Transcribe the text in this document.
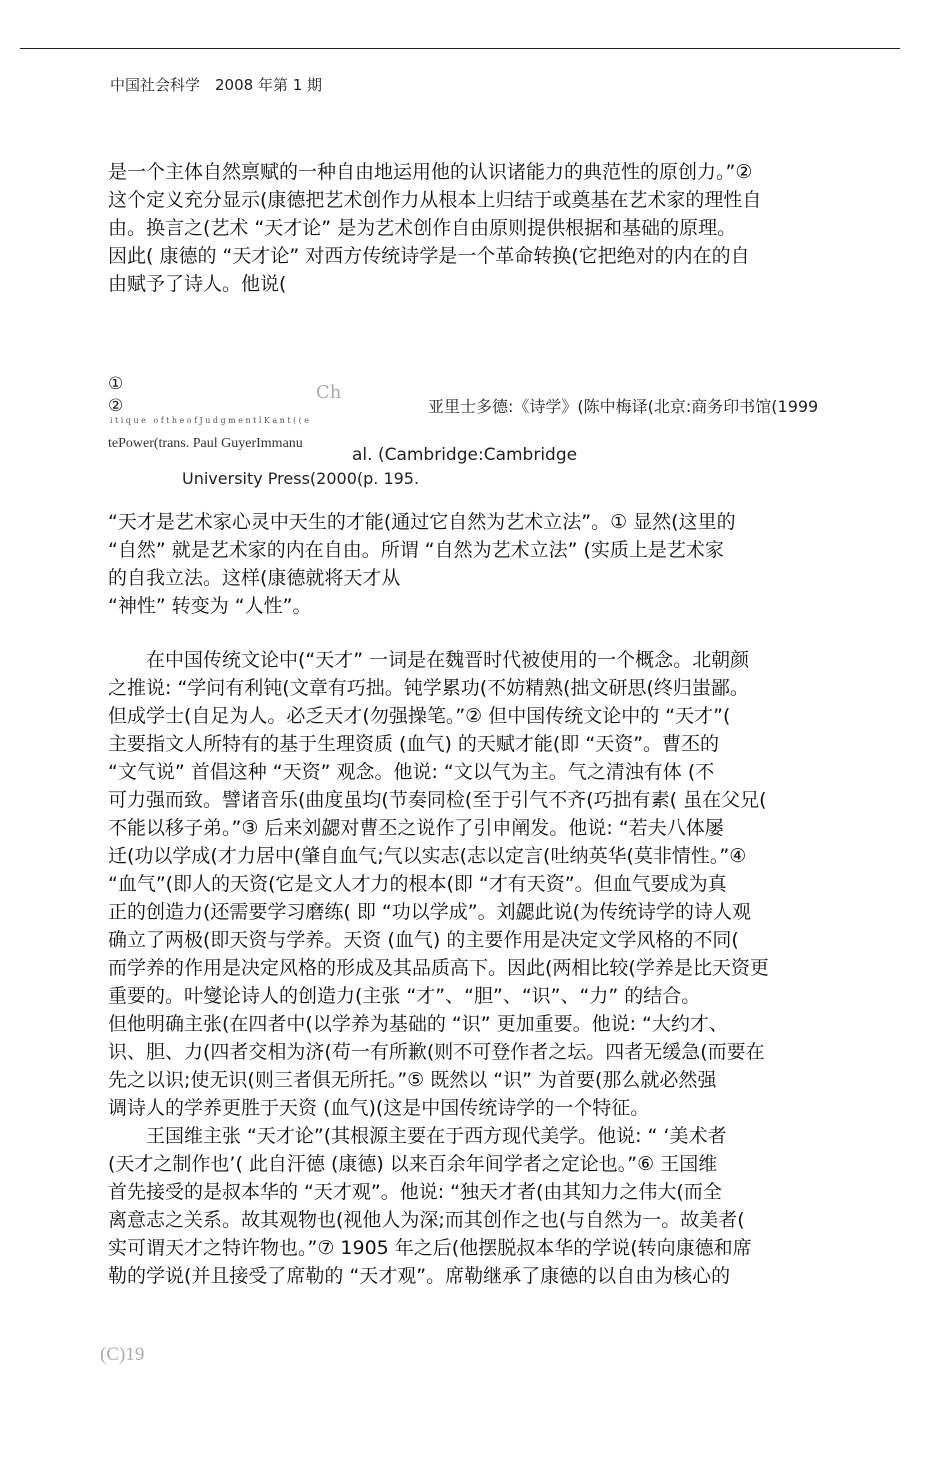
中国社会科学　2008 年第 1 期
是一个主体自然禀赋的一种自由地运用他的认识诸能力的典范性的原创力。”②
这个定义充分显示(康德把艺术创作力从根本上归结于或奠基在艺术家的理性自
由。换言之(艺术 “天才论” 是为艺术创作自由原则提供根据和基础的原理。
因此( 康德的 “天才论” 对西方传统诗学是一个革命转换(它把绝对的内在的自
由赋予了诗人。他说(
①
②
Ch
亚里士多德:《诗学》(陈中梅译(北京:商务印书馆(1999
itique oftheofJudgmentlKant((e
tePower(trans. Paul GuyerImmanu
al. (Cambridge:Cambridge
University Press(2000(p. 195.
“天才是艺术家心灵中天生的才能(通过它自然为艺术立法”。① 显然(这里的
“自然” 就是艺术家的内在自由。所谓 “自然为艺术立法” (实质上是艺术家
的自我立法。这样(康德就将天才从
“神性” 转变为 “人性”。
　　在中国传统文论中(“天才” 一词是在魏晋时代被使用的一个概念。北朝颜
之推说: “学问有利钝(文章有巧拙。钝学累功(不妨精熟(拙文研思(终归蚩鄙。
但成学士(自足为人。必乏天才(勿强操笔。”② 但中国传统文论中的 “天才”(
主要指文人所特有的基于生理资质 (血气) 的天赋才能(即 “天资”。曹丕的
“文气说” 首倡这种 “天资” 观念。他说: “文以气为主。气之清浊有体 (不
可力强而致。譬诸音乐(曲度虽均(节奏同检(至于引气不齐(巧拙有素( 虽在父兄(
不能以移子弟。”③ 后来刘勰对曹丕之说作了引申阐发。他说: “若夫八体屡
迁(功以学成(才力居中(肇自血气;气以实志(志以定言(吐纳英华(莫非情性。”④
“血气”(即人的天资(它是文人才力的根本(即 “才有天资”。但血气要成为真
正的创造力(还需要学习磨练( 即 “功以学成”。刘勰此说(为传统诗学的诗人观
确立了两极(即天资与学养。天资 (血气) 的主要作用是决定文学风格的不同(
而学养的作用是决定风格的形成及其品质高下。因此(两相比较(学养是比天资更
重要的。叶燮论诗人的创造力(主张 “才”、“胆”、“识”、“力” 的结合。
但他明确主张(在四者中(以学养为基础的 “识” 更加重要。他说: “大约才、
识、胆、力(四者交相为济(苟一有所歉(则不可登作者之坛。四者无缓急(而要在
先之以识;使无识(则三者俱无所托。”⑤ 既然以 “识” 为首要(那么就必然强
调诗人的学养更胜于天资 (血气)(这是中国传统诗学的一个特征。
　　王国维主张 “天才论”(其根源主要在于西方现代美学。他说: “ ‘美术者
(天才之制作也’( 此自汗德 (康德) 以来百余年间学者之定论也。”⑥ 王国维
首先接受的是叔本华的 “天才观”。他说: “独天才者(由其知力之伟大(而全
离意志之关系。故其观物也(视他人为深;而其创作之也(与自然为一。故美者(
实可谓天才之特许物也。”⑦ 1905 年之后(他摆脱叔本华的学说(转向康德和席
勒的学说(并且接受了席勒的 “天才观”。席勒继承了康德的以自由为核心的
(C)19
